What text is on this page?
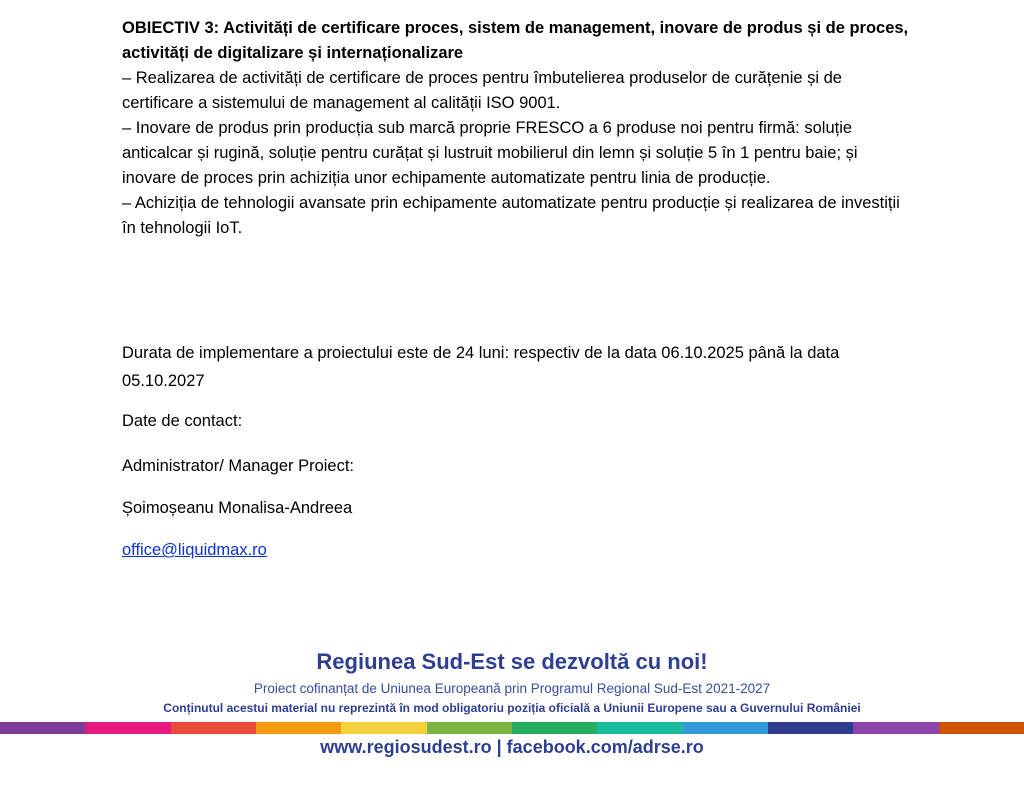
OBIECTIV 3: Activități de certificare proces, sistem de management, inovare de produs și de proces, activități de digitalizare și internaționalizare

– Realizarea de activități de certificare de proces pentru îmbutelierea produselor de curățenie și de certificare a sistemului de management al calității ISO 9001.

– Inovare de produs prin producția sub marcă proprie FRESCO a 6 produse noi pentru firmă: soluție anticalcar și rugină, soluție pentru curățat și lustruit mobilierul din lemn și soluție 5 în 1 pentru baie; și inovare de proces prin achiziția unor echipamente automatizate pentru linia de producție.

– Achiziția de tehnologii avansate prin echipamente automatizate pentru producție și realizarea de investiții în tehnologii IoT.

Durata de implementare a proiectului este de 24 luni: respectiv de la data 06.10.2025 până la data 05.10.2027

Date de contact:

Administrator/ Manager Proiect:

Șoimoșeanu Monalisa-Andreea

office@liquidmax.ro

Regiunea Sud-Est se dezvoltă cu noi!

Proiect cofinanțat de Uniunea Europeană prin Programul Regional Sud-Est 2021-2027

Conținutul acestui material nu reprezintă în mod obligatoriu poziția oficială a Uniunii Europene sau a Guvernului României

www.regiosudest.ro | facebook.com/adrse.ro
